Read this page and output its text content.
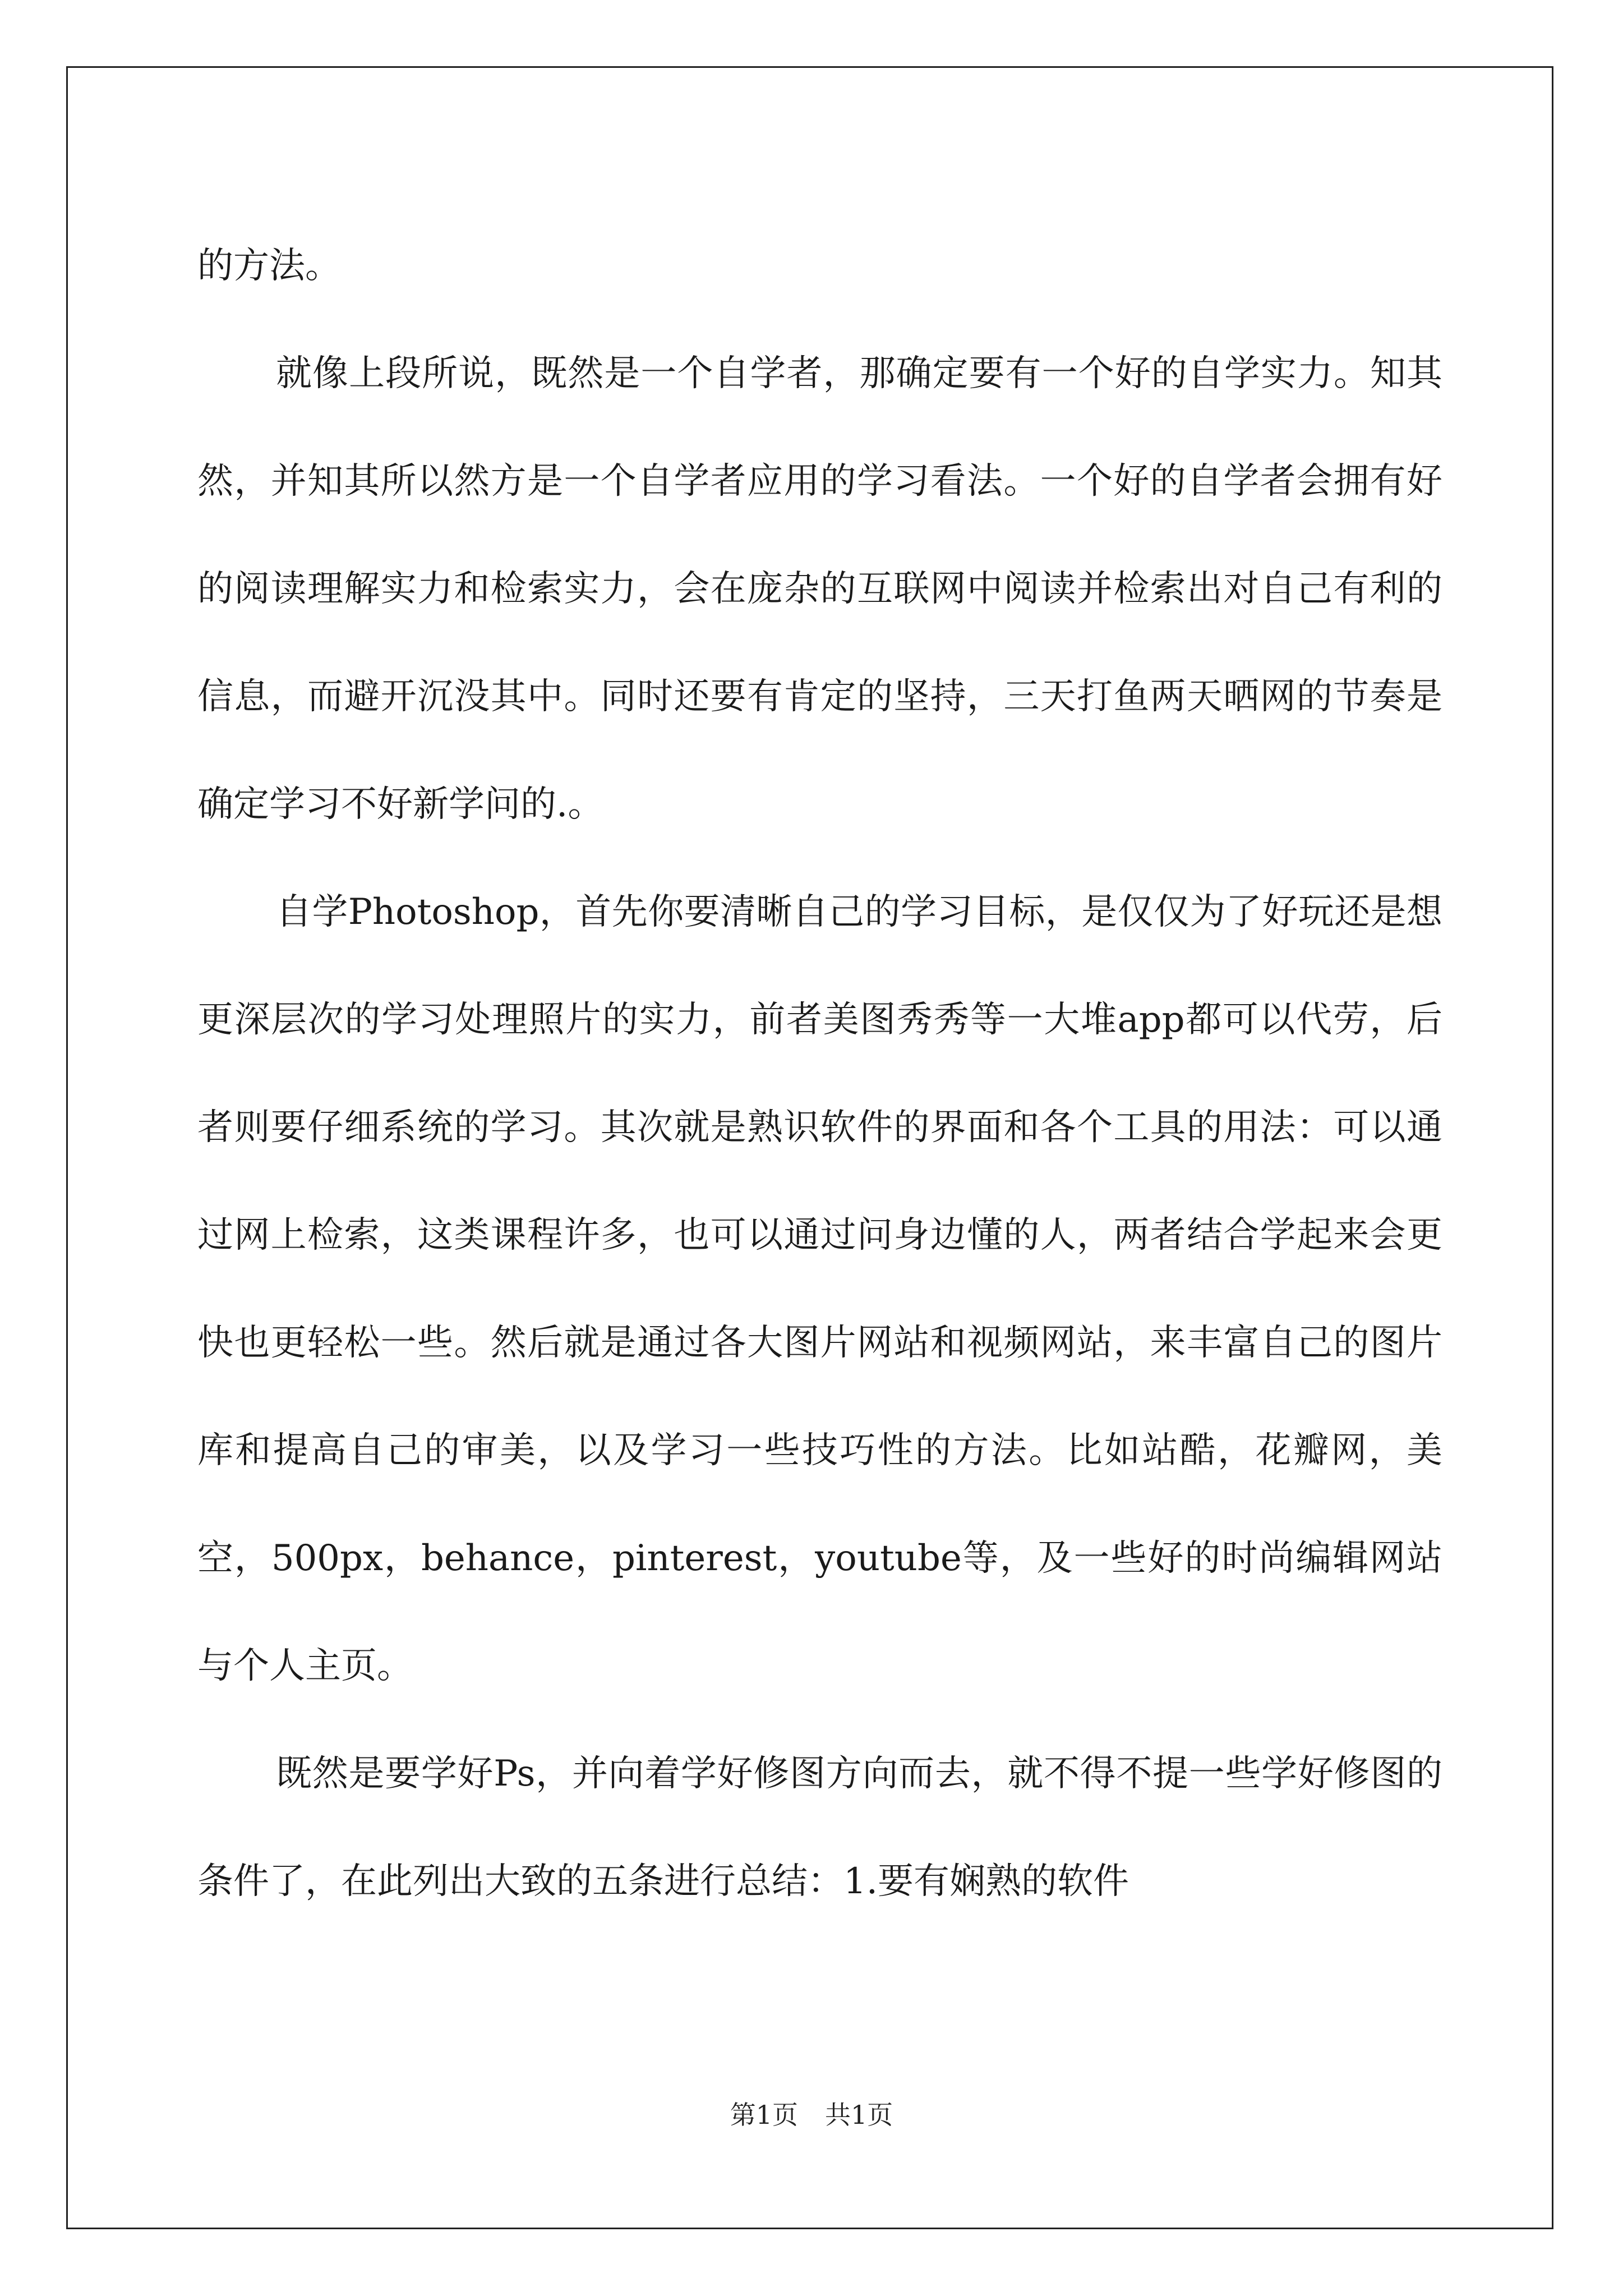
的方法。

就像上段所说，既然是一个自学者，那确定要有一个好的自学实力。知其然，并知其所以然方是一个自学者应用的学习看法。一个好的自学者会拥有好的阅读理解实力和检索实力，会在庞杂的互联网中阅读并检索出对自己有利的信息，而避开沉没其中。同时还要有肯定的坚持，三天打鱼两天晒网的节奏是确定学习不好新学问的.。

自学Photoshop，首先你要清晰自己的学习目标，是仅仅为了好玩还是想更深层次的学习处理照片的实力，前者美图秀秀等一大堆app都可以代劳，后者则要仔细系统的学习。其次就是熟识软件的界面和各个工具的用法：可以通过网上检索，这类课程许多，也可以通过问身边懂的人，两者结合学起来会更快也更轻松一些。然后就是通过各大图片网站和视频网站，来丰富自己的图片库和提高自己的审美，以及学习一些技巧性的方法。比如站酷，花瓣网，美空，500px，behance，pinterest，youtube等，及一些好的时尚编辑网站与个人主页。

既然是要学好Ps，并向着学好修图方向而去，就不得不提一些学好修图的条件了，在此列出大致的五条进行总结：1.要有娴熟的软件

第1页 共1页
